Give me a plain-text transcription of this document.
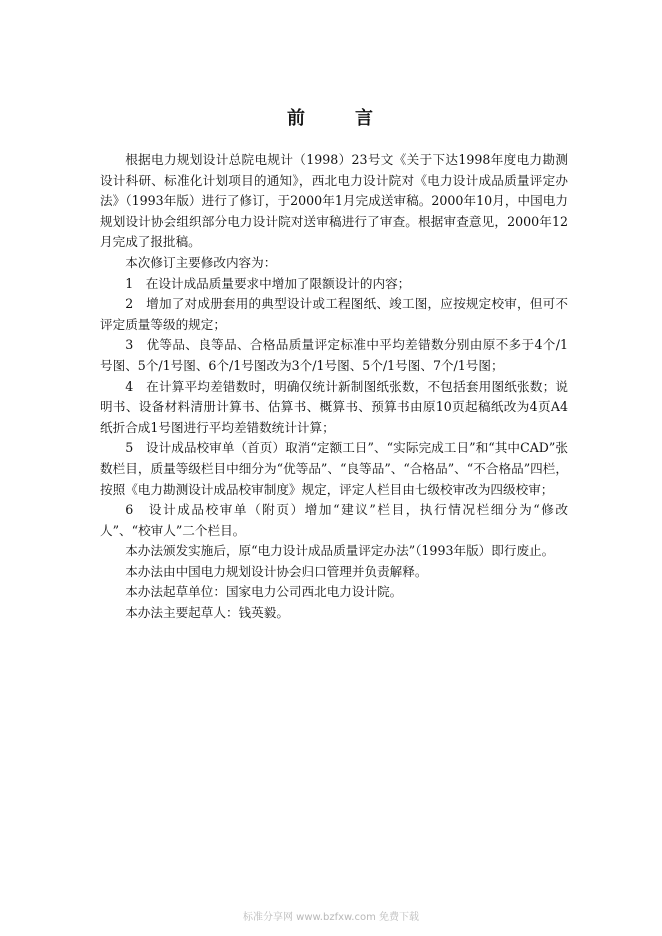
前	言

根据电力规划设计总院电规计（1998）23号文《关于下达1998年度电力勘测设计科研、标准化计划项目的通知》，西北电力设计院对《电力设计成品质量评定办法》（1993年版）进行了修订，于2000年1月完成送审稿。2000年10月，中国电力规划设计协会组织部分电力设计院对送审稿进行了审查。根据审查意见，2000年12月完成了报批稿。

本次修订主要修改内容为：

1　在设计成品质量要求中增加了限额设计的内容；

2　增加了对成册套用的典型设计或工程图纸、竣工图，应按规定校审，但可不评定质量等级的规定；

3　优等品、良等品、合格品质量评定标准中平均差错数分别由原不多于4个/1号图、5个/1号图、6个/1号图改为3个/1号图、5个/1号图、7个/1号图；

4　在计算平均差错数时，明确仅统计新制图纸张数，不包括套用图纸张数；说明书、设备材料清册计算书、估算书、概算书、预算书由原10页起稿纸改为4页A4纸折合成1号图进行平均差错数统计计算；

5　设计成品校审单（首页）取消“定额工日”、“实际完成工日”和“其中CAD”张数栏目，质量等级栏目中细分为“优等品”、“良等品”、“合格品”、“不合格品”四栏，按照《电力勘测设计成品校审制度》规定，评定人栏目由七级校审改为四级校审；

6　设计成品校审单（附页）增加“建议”栏目，执行情况栏细分为“修改人”、“校审人”二个栏目。

本办法颁发实施后，原“电力设计成品质量评定办法”（1993年版）即行废止。

本办法由中国电力规划设计协会归口管理并负责解释。

本办法起草单位：国家电力公司西北电力设计院。

本办法主要起草人：钱英毅。

标准分享网 www.bzfxw.com 免费下载
